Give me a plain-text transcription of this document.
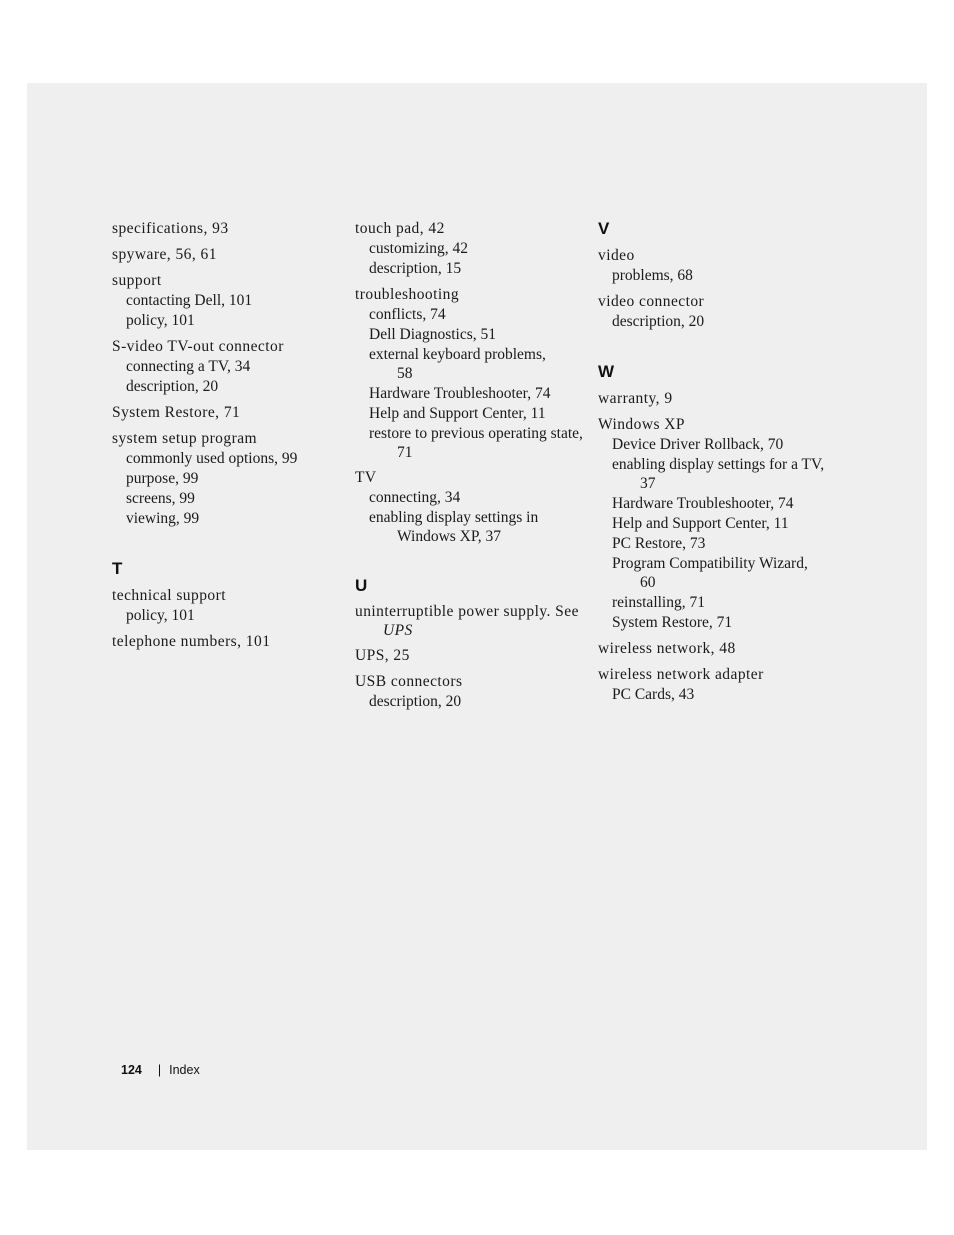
specifications, 93
spyware, 56, 61
support
contacting Dell, 101
policy, 101
S-video TV-out connector
connecting a TV, 34
description, 20
System Restore, 71
system setup program
commonly used options, 99
purpose, 99
screens, 99
viewing, 99
T
technical support
policy, 101
telephone numbers, 101
touch pad, 42
customizing, 42
description, 15
troubleshooting
conflicts, 74
Dell Diagnostics, 51
external keyboard problems, 58
Hardware Troubleshooter, 74
Help and Support Center, 11
restore to previous operating state, 71
TV
connecting, 34
enabling display settings in Windows XP, 37
U
uninterruptible power supply. See UPS
UPS, 25
USB connectors
description, 20
V
video
problems, 68
video connector
description, 20
W
warranty, 9
Windows XP
Device Driver Rollback, 70
enabling display settings for a TV, 37
Hardware Troubleshooter, 74
Help and Support Center, 11
PC Restore, 73
Program Compatibility Wizard, 60
reinstalling, 71
System Restore, 71
wireless network, 48
wireless network adapter
PC Cards, 43
124 | Index
